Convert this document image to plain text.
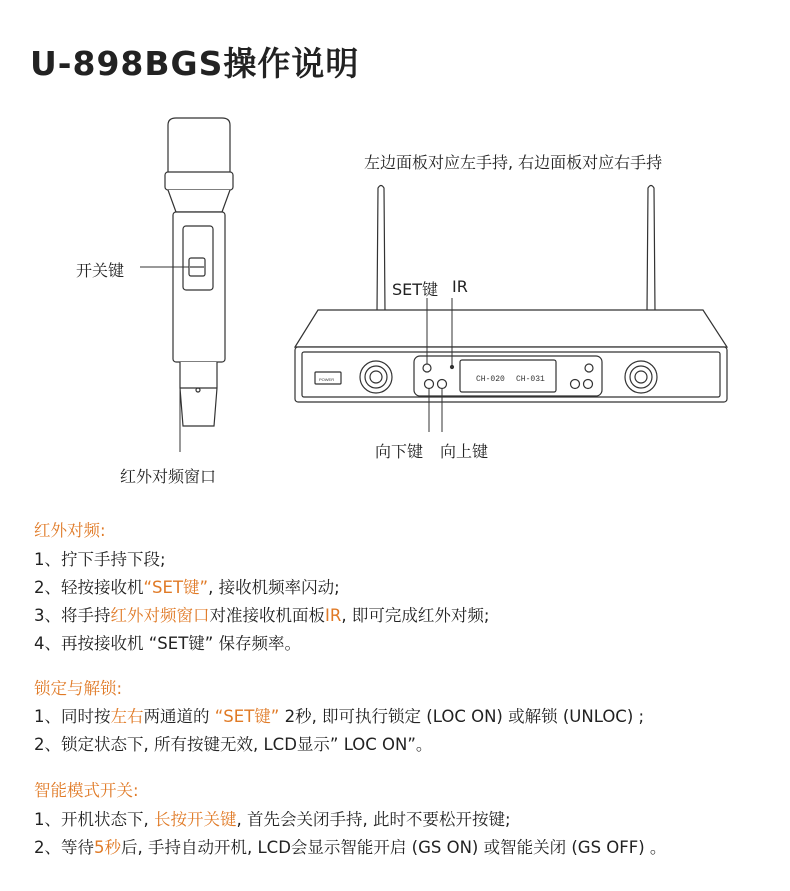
U-898BGS操作说明
CH-020 CH-031
POWER
左边面板对应左手持, 右边面板对应右手持
开关键
红外对频窗口
SET键 IR
向下键 向上键
红外对频:
1、拧下手持下段;
2、轻按接收机“SET键”, 接收机频率闪动;
3、将手持红外对频窗口对准接收机面板IR, 即可完成红外对频;
4、再按接收机 “SET键” 保存频率。
锁定与解锁:
1、同时按左右两通道的 “SET键” 2秒, 即可执行锁定 (LOC ON) 或解锁 (UNLOC) ;
2、锁定状态下, 所有按键无效, LCD显示” LOC ON”。
智能模式开关:
1、开机状态下, 长按开关键, 首先会关闭手持, 此时不要松开按键;
2、等待5秒后, 手持自动开机, LCD会显示智能开启 (GS ON) 或智能关闭 (GS OFF) 。
